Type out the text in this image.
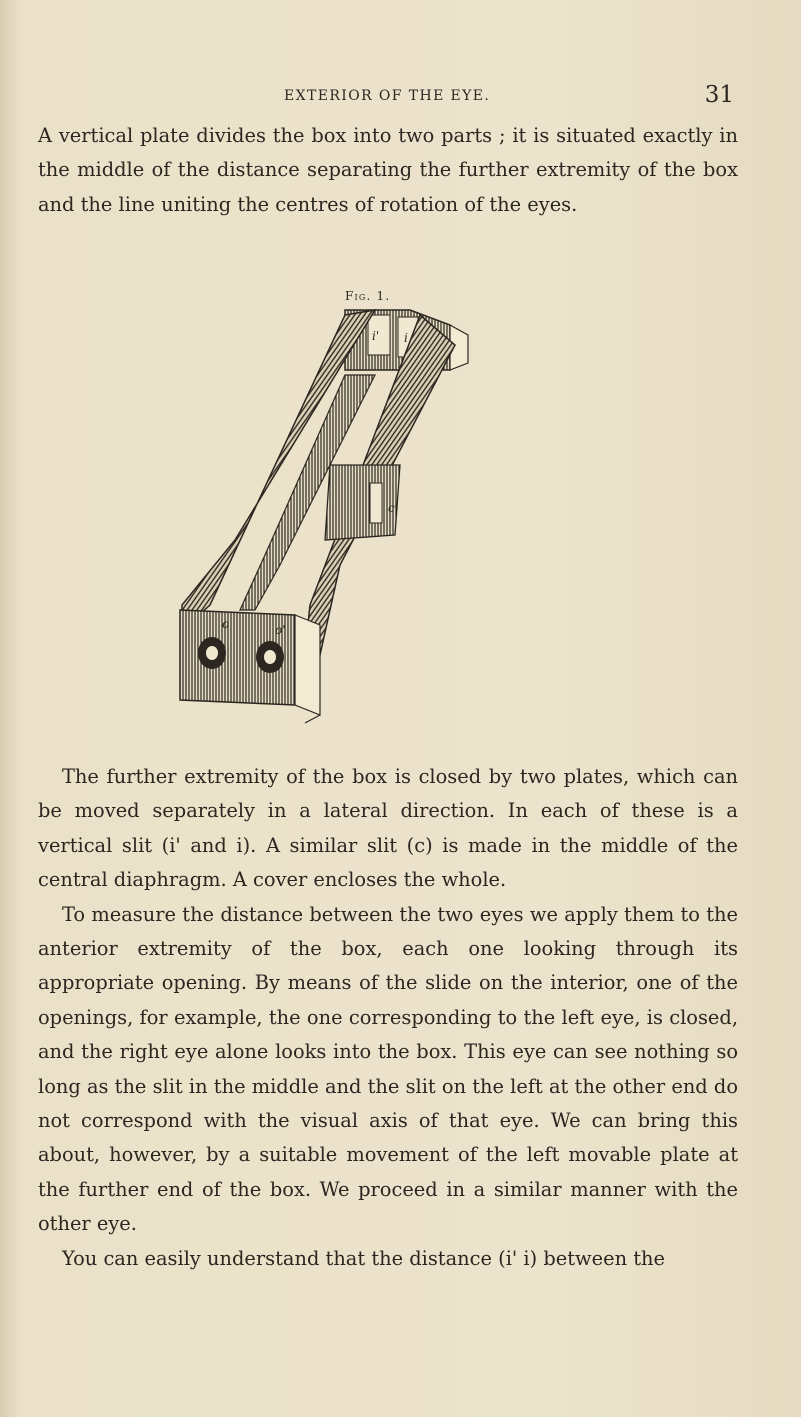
EXTERIOR OF THE EYE.	31

A vertical plate divides the box into two parts ; it is situated exactly in the middle of the distance separating the further extremity of the box and the line uniting the centres of rotation of the eyes.

Fig. 1.
i' i
c
o	o'

The further extremity of the box is closed by two plates, which can be moved separately in a lateral direction. In each of these is a vertical slit (i' and i). A similar slit (c) is made in the middle of the central diaphragm. A cover encloses the whole.

To measure the distance between the two eyes we apply them to the anterior extremity of the box, each one looking through its appropriate opening. By means of the slide on the interior, one of the openings, for example, the one corresponding to the left eye, is closed, and the right eye alone looks into the box. This eye can see nothing so long as the slit in the middle and the slit on the left at the other end do not correspond with the visual axis of that eye. We can bring this about, however, by a suitable movement of the left movable plate at the further end of the box. We proceed in a similar manner with the other eye.

You can easily understand that the distance (i' i) between the
